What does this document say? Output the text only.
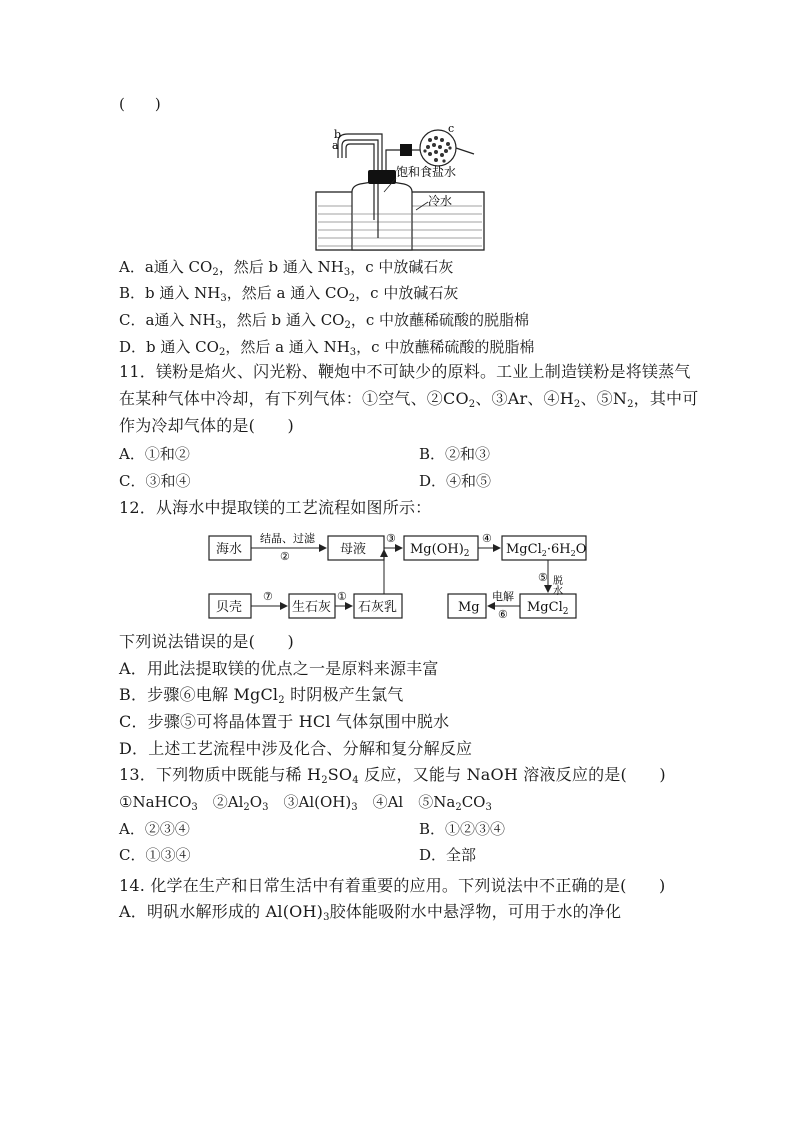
(　　)
a
b	c
饱和食盐水
冷水
A．a通入 $CO_2$，然后 b 通入 $NH_3$，c 中放碱石灰
B．b 通入 $NH_3$，然后 a 通入 $CO_2$，c 中放碱石灰
C．a通入 $NH_3$，然后 b 通入 $CO_2$，c 中放蘸稀硫酸的脱脂棉
D．b 通入 $CO_2$，然后 a 通入 $NH_3$，c 中放蘸稀硫酸的脱脂棉
11．镁粉是焰火、闪光粉、鞭炮中不可缺少的原料。工业上制造镁粉是将镁蒸气
在某种气体中冷却，有下列气体：①空气、$②CO_2$、③Ar、$④H_2$、$⑤N_2$，其中可
作为冷却气体的是(　　)
A．①和②	B．②和③
C．③和④	D．④和⑤
12．从海水中提取镁的工艺流程如图所示：
海水	母液	$Mg(OH)_2$	$MgCl_2\cdot 6H_2O$
贝壳	生石灰 石灰乳	Mg	MgCl$_2$
结晶、过滤
②
③	④
⑤ 脱水
电解
⑥
⑦	①
下列说法错误的是(　　)
A．用此法提取镁的优点之一是原料来源丰富
B．步骤⑥电解 MgCl$_2$ 时阴极产生氯气
C．步骤⑤可将晶体置于 HCl 气体氛围中脱水
D．上述工艺流程中涉及化合、分解和复分解反应
13．下列物质中既能与稀 $H_2SO_4$ 反应，又能与 NaOH 溶液反应的是(　　)
①NaHCO$_3$　 $②Al_2O_3$　 $③Al(OH)_3$　 ④Al　 $⑤Na_2CO_3$
A．②③④	B．①②③④
C．①③④	D．全部
14. 化学在生产和日常生活中有着重要的应用。下列说法中不正确的是(　　)
A．明矾水解形成的 $Al(OH)_3$胶体能吸附水中悬浮物，可用于水的净化
